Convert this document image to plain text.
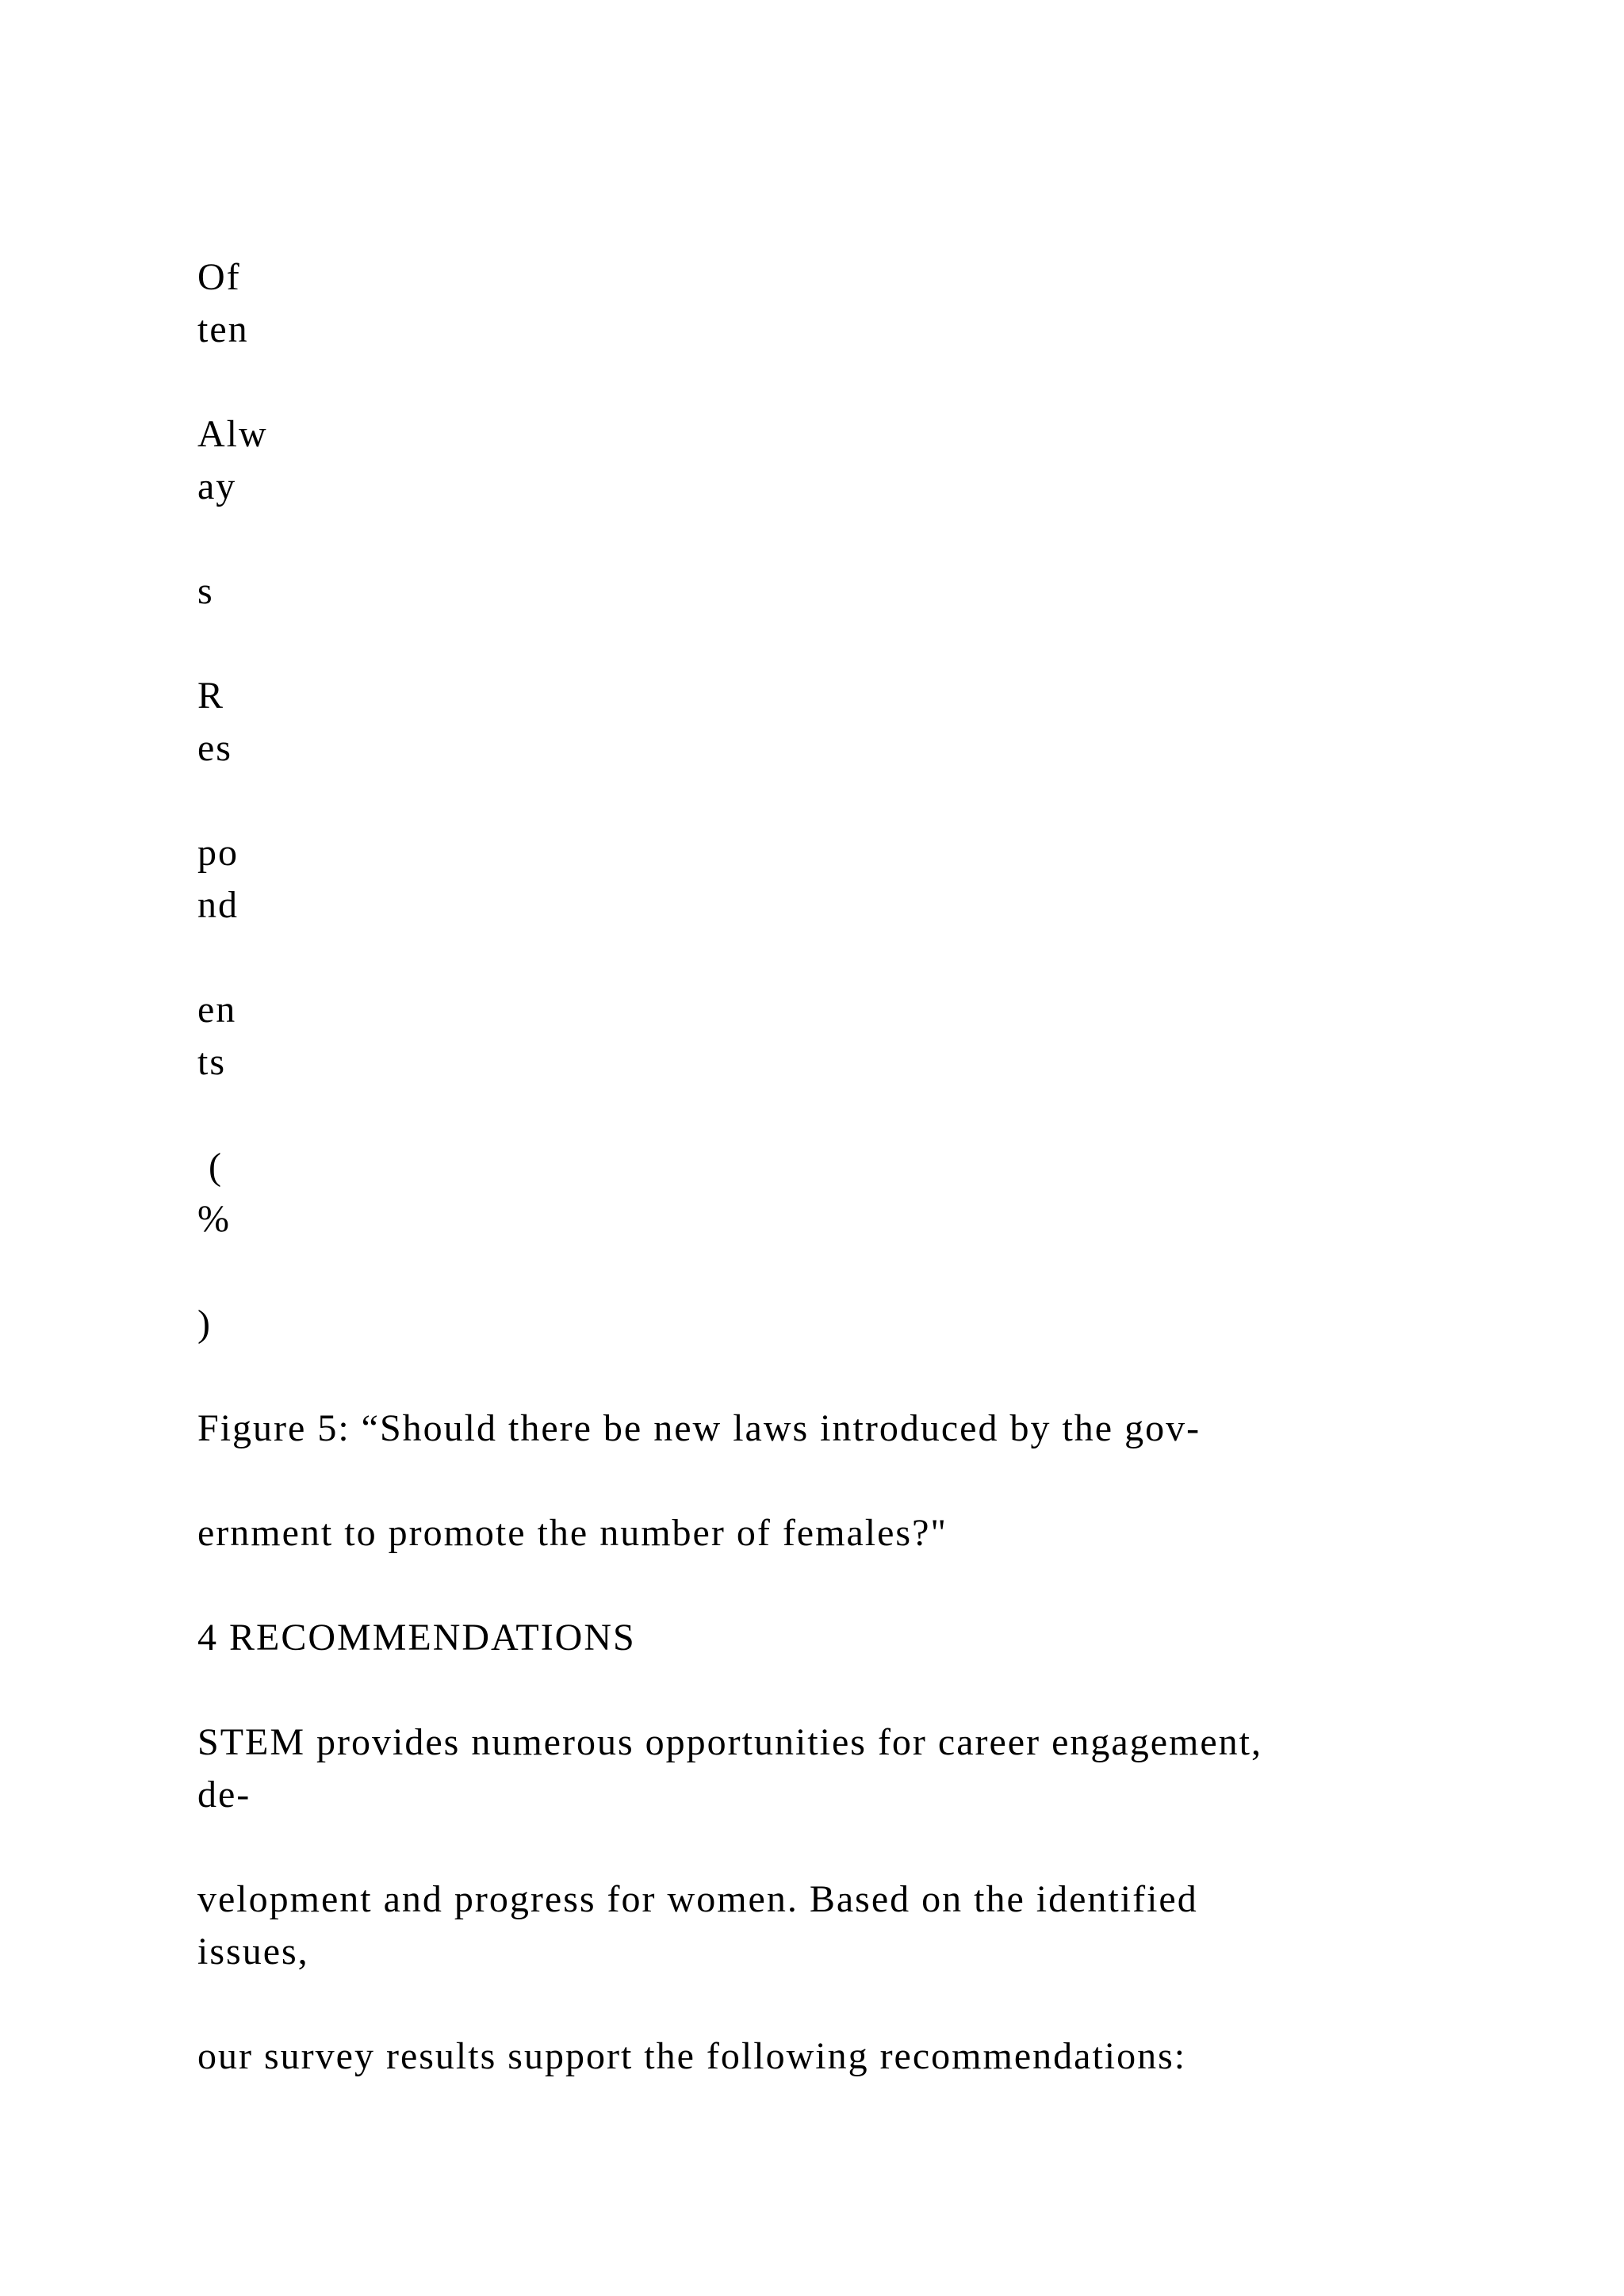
Of

ten

Alw

ay

s

R

es

po

nd

en

ts

(

%

)

Figure 5: “Should there be new laws introduced by the gov-

ernment to promote the number of females?"

4 RECOMMENDATIONS

STEM provides numerous opportunities for career engagement,

de-

velopment and progress for women. Based on the identified

issues,

our survey results support the following recommendations:
